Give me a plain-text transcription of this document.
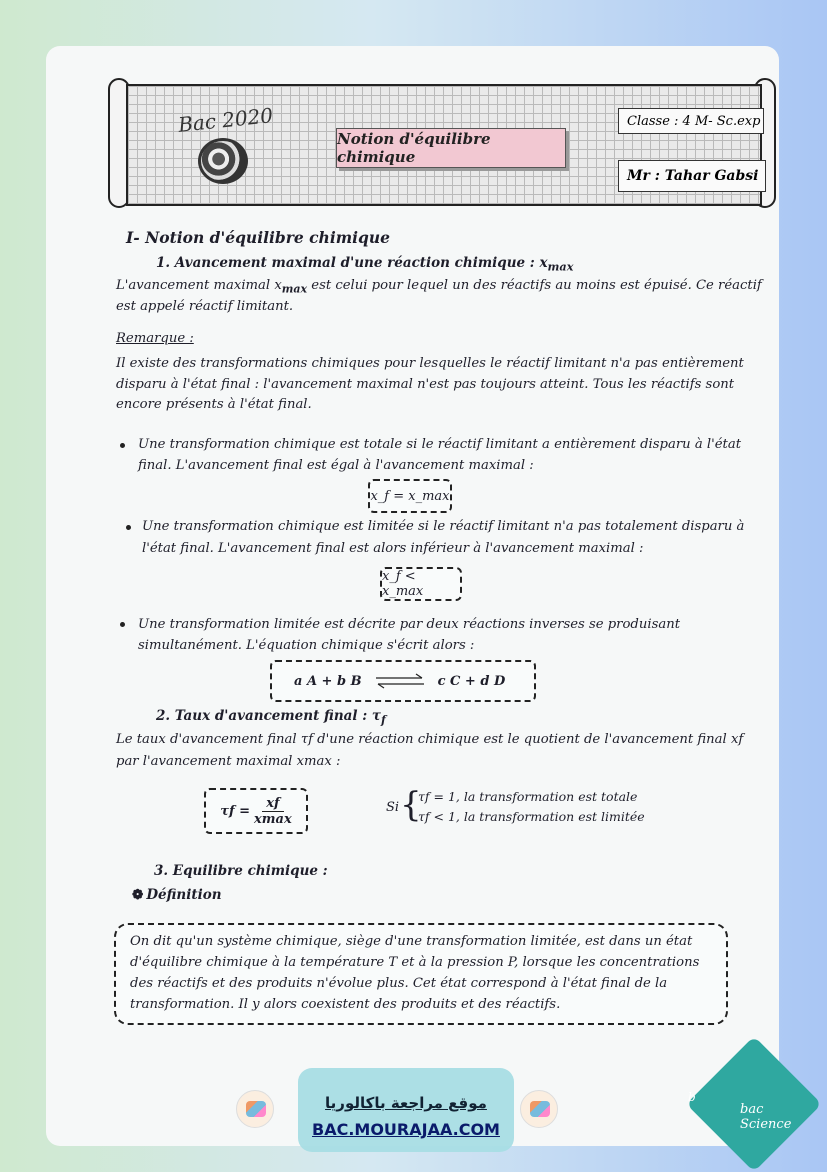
Bac 2020
Notion d'équilibre chimique
Classe : 4 M- Sc.exp
Mr : Tahar Gabsi
I- Notion d'équilibre chimique
1. Avancement maximal d'une réaction chimique : $x_{max}$
L'avancement maximal $x_{max}$ est celui pour lequel un des réactifs au moins est épuisé. Ce réactif
est appelé réactif limitant.
Remarque :
Il existe des transformations chimiques pour lesquelles le réactif limitant n'a pas entièrement
disparu à l'état final : l'avancement maximal n'est pas toujours atteint. Tous les réactifs sont
encore présents à l'état final.
Une transformation chimique est totale si le réactif limitant a entièrement disparu à l'état
final. L'avancement final est égal à l'avancement maximal :
x_f = x_max
Une transformation chimique est limitée si le réactif limitant n'a pas totalement disparu à
l'état final. L'avancement final est alors inférieur à l'avancement maximal :
x_f < x_max
Une transformation limitée est décrite par deux réactions inverses se produisant
simultanément. L'équation chimique s'écrit alors :
a A + b B ⇌ c C + d D
2. Taux d'avancement final : $\tau_f$
Le taux d'avancement final τf d'une réaction chimique est le quotient de l'avancement final xf
par l'avancement maximal xmax :
τf =
xf
xmax
Si {
τf = 1, la transformation est totale
τf < 1, la transformation est limitée
3. Equilibre chimique :
❁ Définition
On dit qu'un système chimique, siège d'une transformation limitée, est dans un état
d'équilibre chimique à la température T et à la pression P, lorsque les concentrations
des réactifs et des produits n'évolue plus. Cet état correspond à l'état final de la
transformation. Il y alors coexistent des produits et des réactifs.
موقع مراجعة باكالوريا
BAC.MOURAJAA.COM
b
bac Science
